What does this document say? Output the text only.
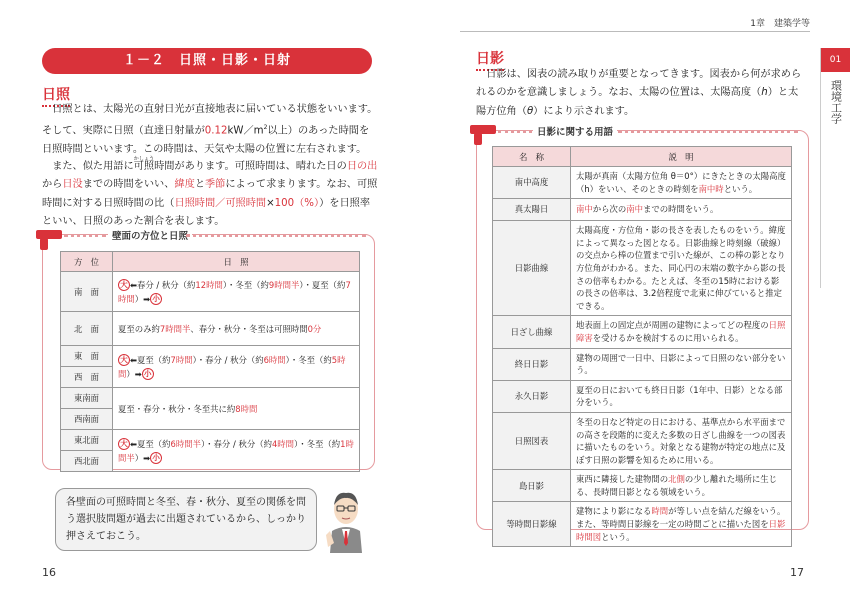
１－２　日照・日影・日射
日照
 日照とは、太陽光の直射日光が直接地表に届いている状態をいいます。そして、実際に日照（直達日射量が$0.12kW/m^2$以上）のあった時間を日照時間といいます。この時間は、天気や太陽の位置に左右されます。
 また、似た用語に可照かしょう時間があります。可照時間は、晴れた日の日の出から日没までの時間をいい、緯度と季節によって求まります。なお、可照時間に対する日照時間の比（日照時間／可照時間×100（%））を日照率といい、日照のあった割合を表します。
壁面の方位と日照
方　位	日　照
南　面	大 ⬅春分 / 秋分（約12時間）・冬至（約9時間半）・夏至（約7時間）➡ 小
北　面	夏至のみ約7時間半、春分・秋分・冬至は可照時間0分
東　面	大 ⬅夏至（約7時間）・春分 / 秋分（約6時間）・冬至（約5時間）➡ 小
西　面	
東南面	夏至・春分・秋分・冬至共に約8時間
西南面	
東北面	大 ⬅夏至（約6時間半）・春分 / 秋分（約4時間）・冬至（約1時間半）➡ 小
西北面	
各壁面の可照時間と冬至、春・秋分、夏至の関係を問う選択肢問題が過去に出題されているから、しっかり押さえておこう。
16
1章　建築学等
01
環境工学
日影
 日影は、図表の読み取りが重要となってきます。図表から何が求められるのかを意識しましょう。なお、太陽の位置は、太陽高度（h）と太陽方位角（θ）により示されます。
日影に関する用語
名　称	説　明
南中高度	太陽が真南（太陽方位角 θ＝0°）にきたときの太陽高度（h）をいい、そのときの時刻を南中時という。
真太陽日	南中から次の南中までの時間をいう。
日影曲線	太陽高度・方位角・影の長さを表したものをいう。緯度によって異なった図となる。日影曲線と時刻線（破線）の交点から棒の位置まで引いた線が、この棒の影となり方位角がわかる。また、同心円の末端の数字から影の長さの倍率もわかる。たとえば、冬至の15時における影の長さの倍率は、3.2倍程度で北東に伸びていると推定できる。
日ざし曲線	地表面上の固定点が周囲の建物によってどの程度の日照障害を受けるかを検討するのに用いられる。
終日日影	建物の周囲で一日中、日影によって日照のない部分をいう。
永久日影	夏至の日においても終日日影（1年中、日影）となる部分をいう。
日照図表	冬至の日など特定の日における、基準点から水平面までの高さを段階的に変えた多数の日ざし曲線を一つの図表に描いたものをいう。対象となる建物が特定の地点に及ぼす日照の影響を知るために用いる。
島日影	東西に隣接した建物間の北側の少し離れた場所に生じる、長時間日影となる領域をいう。
等時間日影線	建物により影になる時間が等しい点を結んだ線をいう。また、等時間日影線を一定の時間ごとに描いた図を日影時間図という。
17
